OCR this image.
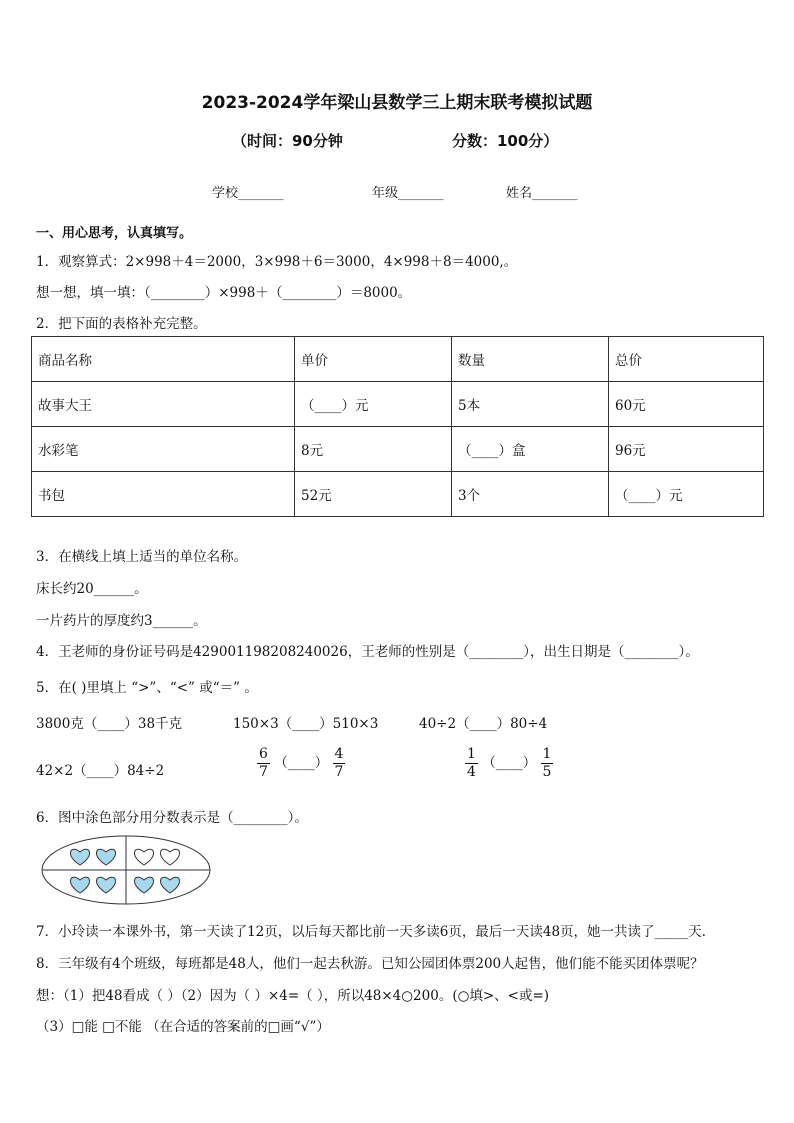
2023-2024学年梁山县数学三上期末联考模拟试题
（时间：90分钟	分数：100分）
学校_______	年级_______	姓名_______
一、用心思考，认真填写。
1．观察算式：2×998＋4＝2000，3×998＋6＝3000，4×998＋8＝4000,。
想一想，填一填：（________）×998＋（________）＝8000。
2．把下面的表格补充完整。
商品名称	单价	数量	总价
故事大王	（____）元	5本	60元
水彩笔	8元	（____）盒	96元
书包	52元	3个	（____）元
3．在横线上填上适当的单位名称。
床长约20______。
一片药片的厚度约3______。
4．王老师的身份证号码是429001198208240026，王老师的性别是（________），出生日期是（________）。
5．在( )里填上 “>”、“<” 或“＝” 。
3800克（____）38千克	150×3（____）510×3	40÷2（____）80÷4
42×2（____）84÷2	$\frac{6}{7}$ （____） $\frac{4}{7}$	$\frac{1}{4}$ （____） $\frac{1}{5}$
6．图中涂色部分用分数表示是（________）。
7．小玲读一本课外书，第一天读了12页，以后每天都比前一天多读6页，最后一天读48页，她一共读了_____天．
8．三年级有4个班级，每班都是48人，他们一起去秋游。已知公园团体票200人起售，他们能不能买团体票呢？
想：（1）把48看成（ ）（2）因为（ ）×4=（ ），所以48×4○200。(○填>、<或=)
（3）□能 □不能 （在合适的答案前的□画“√”）
